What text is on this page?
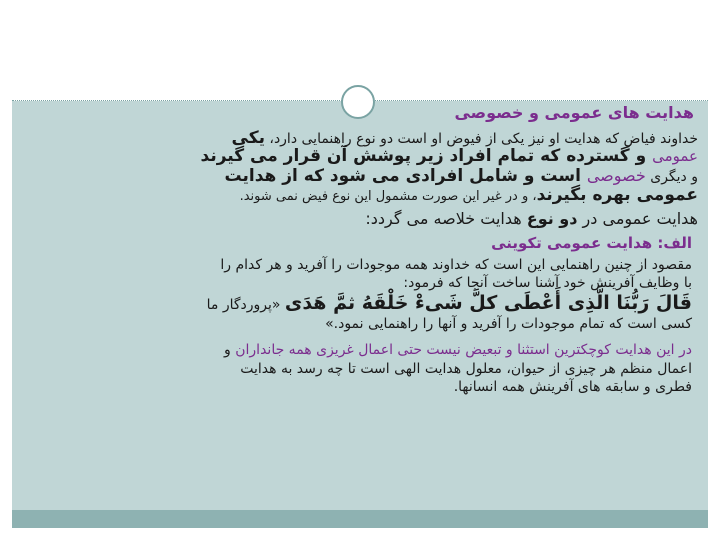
هدایت های عمومی و خصوصی
خداوند فیاض که هدایت او نیز یکی از فیوض او است دو نوع راهنمایی دارد، یکی
عمومی و گسترده که تمام افراد زیر پوشش آن قرار می گیرند
و دیگری خصوصی است و شامل افرادی می شود که از هدایت
عمومی بهره بگیرند، و در غیر این صورت مشمول این نوع فیض نمی شوند.
هدایت عمومی در دو نوع هدایت خلاصه می گردد:
الف: هدایت عمومی تکوینی
مقصود از چنین راهنمایی این است که خداوند همه موجودات را آفرید و هر کدام را
با وظایف آفرینش خود آشنا ساخت آنجا که فرمود:
قَالَ رَبُّنَا الَّذِی أَعْطَی کلَّ شَیءْ خَلْقَهُ ثمَّ هَدَی «پروردگار ما
کسی است که تمام موجودات را آفرید و آنها را راهنمایی نمود.»
در این هدایت کوچکترین استثنا و تبعیض نیست حتی اعمال غریزی همه جانداران و
اعمال منظم هر چیزی از حیوان، معلول هدایت الهی است تا چه رسد به هدایت
فطری و سابقه های آفرینش همه انسانها.
